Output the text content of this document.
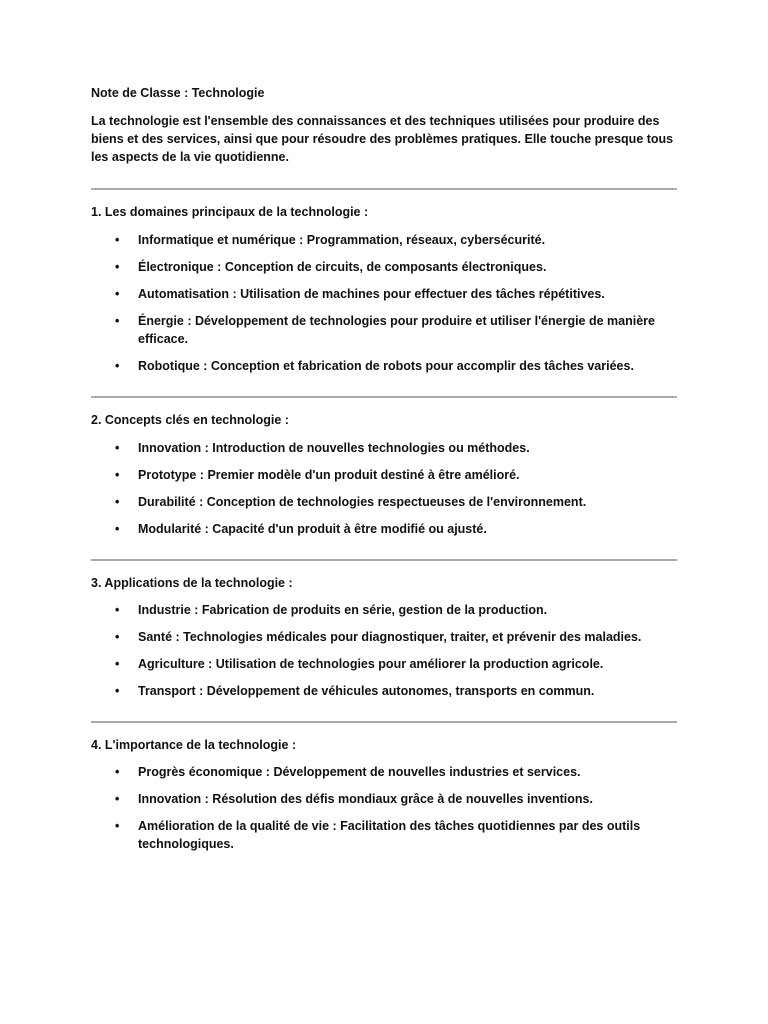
Note de Classe : Technologie

La technologie est l'ensemble des connaissances et des techniques utilisées pour produire des biens et des services, ainsi que pour résoudre des problèmes pratiques. Elle touche presque tous les aspects de la vie quotidienne.

1. Les domaines principaux de la technologie :

• Informatique et numérique : Programmation, réseaux, cybersécurité.
• Électronique : Conception de circuits, de composants électroniques.
• Automatisation : Utilisation de machines pour effectuer des tâches répétitives.
• Énergie : Développement de technologies pour produire et utiliser l'énergie de manière efficace.
• Robotique : Conception et fabrication de robots pour accomplir des tâches variées.

2. Concepts clés en technologie :

• Innovation : Introduction de nouvelles technologies ou méthodes.
• Prototype : Premier modèle d'un produit destiné à être amélioré.
• Durabilité : Conception de technologies respectueuses de l'environnement.
• Modularité : Capacité d'un produit à être modifié ou ajusté.

3. Applications de la technologie :

• Industrie : Fabrication de produits en série, gestion de la production.
• Santé : Technologies médicales pour diagnostiquer, traiter, et prévenir des maladies.
• Agriculture : Utilisation de technologies pour améliorer la production agricole.
• Transport : Développement de véhicules autonomes, transports en commun.

4. L'importance de la technologie :

• Progrès économique : Développement de nouvelles industries et services.
• Innovation : Résolution des défis mondiaux grâce à de nouvelles inventions.
• Amélioration de la qualité de vie : Facilitation des tâches quotidiennes par des outils technologiques.
